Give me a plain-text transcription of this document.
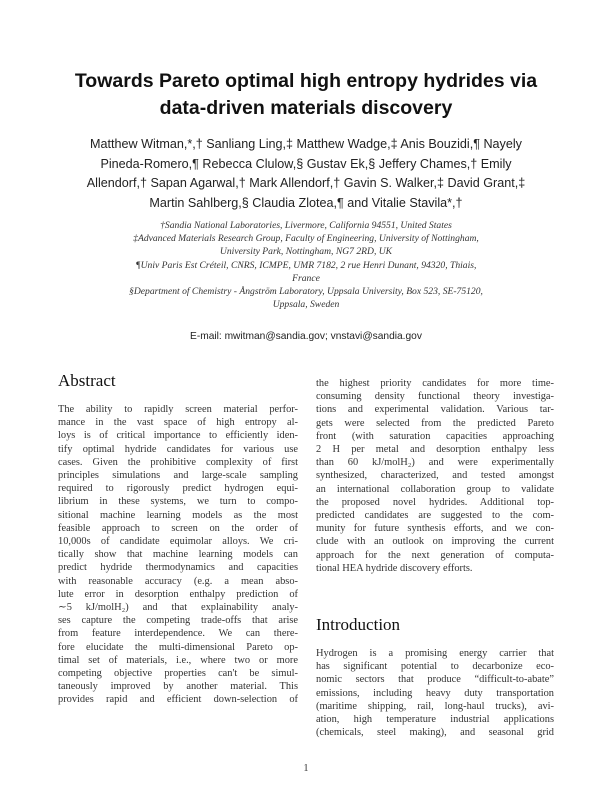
Towards Pareto optimal high entropy hydrides via
data-driven materials discovery
Matthew Witman,*,† Sanliang Ling,‡ Matthew Wadge,‡ Anis Bouzidi,¶ Nayely
Pineda-Romero,¶ Rebecca Clulow,§ Gustav Ek,§ Jeffery Chames,† Emily
Allendorf,† Sapan Agarwal,† Mark Allendorf,† Gavin S. Walker,‡ David Grant,‡
Martin Sahlberg,§ Claudia Zlotea,¶ and Vitalie Stavila*,†
†Sandia National Laboratories, Livermore, California 94551, United States
‡Advanced Materials Research Group, Faculty of Engineering, University of Nottingham,
University Park, Nottingham, NG7 2RD, UK
¶Univ Paris Est Créteil, CNRS, ICMPE, UMR 7182, 2 rue Henri Dunant, 94320, Thiais,
France
§Department of Chemistry - Ångström Laboratory, Uppsala University, Box 523, SE-75120,
Uppsala, Sweden
E-mail: mwitman@sandia.gov; vnstavi@sandia.gov
Abstract
The ability to rapidly screen material perfor-
mance in the vast space of high entropy al-
loys is of critical importance to efficiently iden-
tify optimal hydride candidates for various use
cases. Given the prohibitive complexity of first
principles simulations and large-scale sampling
required to rigorously predict hydrogen equi-
librium in these systems, we turn to compo-
sitional machine learning models as the most
feasible approach to screen on the order of
10,000s of candidate equimolar alloys. We cri-
tically show that machine learning models can
predict hydride thermodynamics and capacities
with reasonable accuracy (e.g. a mean abso-
lute error in desorption enthalpy prediction of
∼5 kJ/molH₂) and that explainability analy-
ses capture the competing trade-offs that arise
from feature interdependence. We can there-
fore elucidate the multi-dimensional Pareto op-
timal set of materials, i.e., where two or more
competing objective properties can't be simul-
taneously improved by another material. This
provides rapid and efficient down-selection of
the highest priority candidates for more time-
consuming density functional theory investiga-
tions and experimental validation. Various tar-
gets were selected from the predicted Pareto
front (with saturation capacities approaching
2 H per metal and desorption enthalpy less
than 60 kJ/molH₂) and were experimentally
synthesized, characterized, and tested amongst
an international collaboration group to validate
the proposed novel hydrides. Additional top-
predicted candidates are suggested to the com-
munity for future synthesis efforts, and we con-
clude with an outlook on improving the current
approach for the next generation of computa-
tional HEA hydride discovery efforts.
Introduction
Hydrogen is a promising energy carrier that
has significant potential to decarbonize eco-
nomic sectors that produce “difficult-to-abate”
emissions, including heavy duty transportation
(maritime shipping, rail, long-haul trucks), avi-
ation, high temperature industrial applications
(chemicals, steel making), and seasonal grid
1
